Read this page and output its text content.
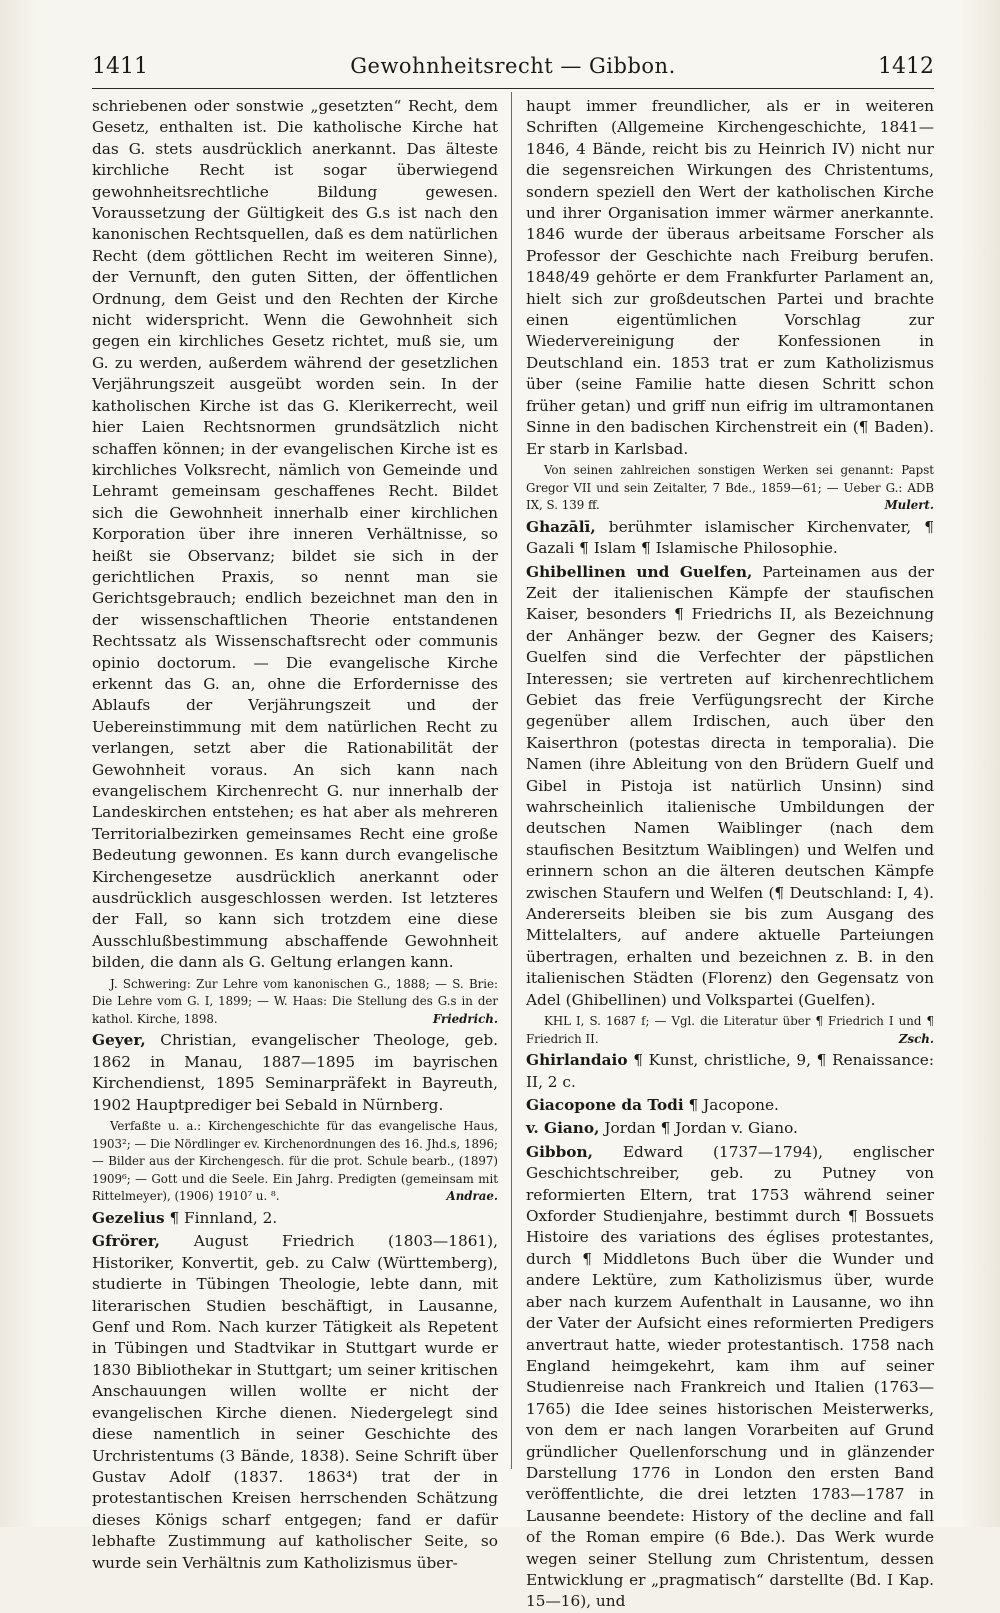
1411	Gewohnheitsrecht — Gibbon.	1412

schriebenen oder sonstwie „gesetzten“ Recht, dem Gesetz, enthalten ist. Die katholische Kirche hat das G. stets ausdrücklich anerkannt. Das älteste kirchliche Recht ist sogar überwiegend gewohnheitsrechtliche Bildung gewesen. Voraussetzung der Gültigkeit des G.s ist nach den kanonischen Rechtsquellen, daß es dem natürlichen Recht (dem göttlichen Recht im weiteren Sinne), der Vernunft, den guten Sitten, der öffentlichen Ordnung, dem Geist und den Rechten der Kirche nicht widerspricht. Wenn die Gewohnheit sich gegen ein kirchliches Gesetz richtet, muß sie, um G. zu werden, außerdem während der gesetzlichen Verjährungszeit ausgeübt worden sein. In der katholischen Kirche ist das G. Klerikerrecht, weil hier Laien Rechtsnormen grundsätzlich nicht schaffen können; in der evangelischen Kirche ist es kirchliches Volksrecht, nämlich von Gemeinde und Lehramt gemeinsam geschaffenes Recht. Bildet sich die Gewohnheit innerhalb einer kirchlichen Korporation über ihre inneren Verhältnisse, so heißt sie Observanz; bildet sie sich in der gerichtlichen Praxis, so nennt man sie Gerichtsgebrauch; endlich bezeichnet man den in der wissenschaftlichen Theorie entstandenen Rechtssatz als Wissenschaftsrecht oder communis opinio doctorum. — Die evangelische Kirche erkennt das G. an, ohne die Erfordernisse des Ablaufs der Verjährungszeit und der Uebereinstimmung mit dem natürlichen Recht zu verlangen, setzt aber die Rationabilität der Gewohnheit voraus. An sich kann nach evangelischem Kirchenrecht G. nur innerhalb der Landeskirchen entstehen; es hat aber als mehreren Territorialbezirken gemeinsames Recht eine große Bedeutung gewonnen. Es kann durch evangelische Kirchengesetze ausdrücklich anerkannt oder ausdrücklich ausgeschlossen werden. Ist letzteres der Fall, so kann sich trotzdem eine diese Ausschlußbestimmung abschaffende Gewohnheit bilden, die dann als G. Geltung erlangen kann.

J. Schwering: Zur Lehre vom kanonischen G., 1888; — S. Brie: Die Lehre vom G. I, 1899; — W. Haas: Die Stellung des G.s in der kathol. Kirche, 1898.	Friedrich.

Geyer, Christian, evangelischer Theologe, geb. 1862 in Manau, 1887—1895 im bayrischen Kirchendienst, 1895 Seminarpräfekt in Bayreuth, 1902 Hauptprediger bei Sebald in Nürnberg.

Verfaßte u. a.: Kirchengeschichte für das evangelische Haus, 1903²; — Die Nördlinger ev. Kirchenordnungen des 16. Jhd.s, 1896; — Bilder aus der Kirchengesch. für die prot. Schule bearb., (1897) 1909⁶; — Gott und die Seele. Ein Jahrg. Predigten (gemeinsam mit Rittelmeyer), (1906) 1910⁷ u. ⁸.	Andrae.

Gezelius ¶ Finnland, 2.

Gfrörer, August Friedrich (1803—1861), Historiker, Konvertit, geb. zu Calw (Württemberg), studierte in Tübingen Theologie, lebte dann, mit literarischen Studien beschäftigt, in Lausanne, Genf und Rom. Nach kurzer Tätigkeit als Repetent in Tübingen und Stadtvikar in Stuttgart wurde er 1830 Bibliothekar in Stuttgart; um seiner kritischen Anschauungen willen wollte er nicht der evangelischen Kirche dienen. Niedergelegt sind diese namentlich in seiner Geschichte des Urchristentums (3 Bände, 1838). Seine Schrift über Gustav Adolf (1837. 1863⁴) trat der in protestantischen Kreisen herrschenden Schätzung dieses Königs scharf entgegen; fand er dafür lebhafte Zustimmung auf katholischer Seite, so wurde sein Verhältnis zum Katholizismus über-

haupt immer freundlicher, als er in weiteren Schriften (Allgemeine Kirchengeschichte, 1841—1846, 4 Bände, reicht bis zu Heinrich IV) nicht nur die segensreichen Wirkungen des Christentums, sondern speziell den Wert der katholischen Kirche und ihrer Organisation immer wärmer anerkannte. 1846 wurde der überaus arbeitsame Forscher als Professor der Geschichte nach Freiburg berufen. 1848/49 gehörte er dem Frankfurter Parlament an, hielt sich zur großdeutschen Partei und brachte einen eigentümlichen Vorschlag zur Wiedervereinigung der Konfessionen in Deutschland ein. 1853 trat er zum Katholizismus über (seine Familie hatte diesen Schritt schon früher getan) und griff nun eifrig im ultramontanen Sinne in den badischen Kirchenstreit ein (¶ Baden). Er starb in Karlsbad.

Von seinen zahlreichen sonstigen Werken sei genannt: Papst Gregor VII und sein Zeitalter, 7 Bde., 1859—61; — Ueber G.: ADB IX, S. 139 ff.	Mulert.

Ghazālī, berühmter islamischer Kirchenvater, ¶ Gazali ¶ Islam ¶ Islamische Philosophie.

Ghibellinen und Guelfen, Parteinamen aus der Zeit der italienischen Kämpfe der staufischen Kaiser, besonders ¶ Friedrichs II, als Bezeichnung der Anhänger bezw. der Gegner des Kaisers; Guelfen sind die Verfechter der päpstlichen Interessen; sie vertreten auf kirchenrechtlichem Gebiet das freie Verfügungsrecht der Kirche gegenüber allem Irdischen, auch über den Kaiserthron (potestas directa in temporalia). Die Namen (ihre Ableitung von den Brüdern Guelf und Gibel in Pistoja ist natürlich Unsinn) sind wahrscheinlich italienische Umbildungen der deutschen Namen Waiblinger (nach dem staufischen Besitztum Waiblingen) und Welfen und erinnern schon an die älteren deutschen Kämpfe zwischen Staufern und Welfen (¶ Deutschland: I, 4). Andererseits bleiben sie bis zum Ausgang des Mittelalters, auf andere aktuelle Parteiungen übertragen, erhalten und bezeichnen z. B. in den italienischen Städten (Florenz) den Gegensatz von Adel (Ghibellinen) und Volkspartei (Guelfen).

KHL I, S. 1687 f; — Vgl. die Literatur über ¶ Friedrich I und ¶ Friedrich II.	Zsch.

Ghirlandaio ¶ Kunst, christliche, 9, ¶ Renaissance: II, 2 c.

Giacopone da Todi ¶ Jacopone.

v. Giano, Jordan ¶ Jordan v. Giano.

Gibbon, Edward (1737—1794), englischer Geschichtschreiber, geb. zu Putney von reformierten Eltern, trat 1753 während seiner Oxforder Studienjahre, bestimmt durch ¶ Bossuets Histoire des variations des églises protestantes, durch ¶ Middletons Buch über die Wunder und andere Lektüre, zum Katholizismus über, wurde aber nach kurzem Aufenthalt in Lausanne, wo ihn der Vater der Aufsicht eines reformierten Predigers anvertraut hatte, wieder protestantisch. 1758 nach England heimgekehrt, kam ihm auf seiner Studienreise nach Frankreich und Italien (1763—1765) die Idee seines historischen Meisterwerks, von dem er nach langen Vorarbeiten auf Grund gründlicher Quellenforschung und in glänzender Darstellung 1776 in London den ersten Band veröffentlichte, die drei letzten 1783—1787 in Lausanne beendete: History of the decline and fall of the Roman empire (6 Bde.). Das Werk wurde wegen seiner Stellung zum Christentum, dessen Entwicklung er „pragmatisch“ darstellte (Bd. I Kap. 15—16), und
